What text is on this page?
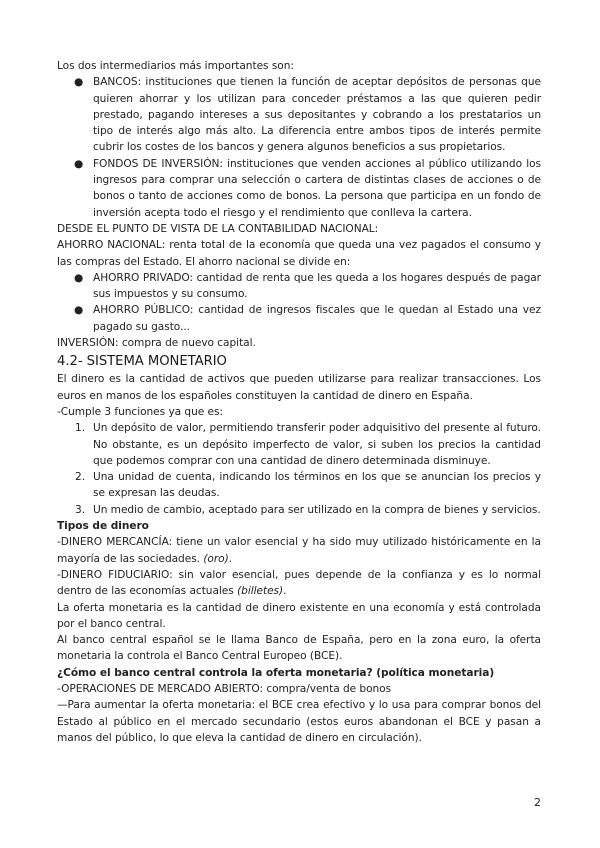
Los dos intermediarios más importantes son:

● BANCOS: instituciones que tienen la función de aceptar depósitos de personas que quieren ahorrar y los utilizan para conceder préstamos a las que quieren pedir prestado, pagando intereses a sus depositantes y cobrando a los prestatarios un tipo de interés algo más alto. La diferencia entre ambos tipos de interés permite cubrir los costes de los bancos y genera algunos beneficios a sus propietarios.
● FONDOS DE INVERSIÓN: instituciones que venden acciones al público utilizando los ingresos para comprar una selección o cartera de distintas clases de acciones o de bonos o tanto de acciones como de bonos. La persona que participa en un fondo de inversión acepta todo el riesgo y el rendimiento que conlleva la cartera.

DESDE EL PUNTO DE VISTA DE LA CONTABILIDAD NACIONAL:

AHORRO NACIONAL: renta total de la economía que queda una vez pagados el consumo y las compras del Estado. El ahorro nacional se divide en:

● AHORRO PRIVADO: cantidad de renta que les queda a los hogares después de pagar sus impuestos y su consumo.
● AHORRO PÚBLICO: cantidad de ingresos fiscales que le quedan al Estado una vez pagado su gasto...

INVERSIÓN: compra de nuevo capital.

4.2- SISTEMA MONETARIO

El dinero es la cantidad de activos que pueden utilizarse para realizar transacciones. Los euros en manos de los españoles constituyen la cantidad de dinero en España.

-Cumple 3 funciones ya que es:

1. Un depósito de valor, permitiendo transferir poder adquisitivo del presente al futuro. No obstante, es un depósito imperfecto de valor, si suben los precios la cantidad que podemos comprar con una cantidad de dinero determinada disminuye.
2. Una unidad de cuenta, indicando los términos en los que se anuncian los precios y se expresan las deudas.
3. Un medio de cambio, aceptado para ser utilizado en la compra de bienes y servicios.

Tipos de dinero

-DINERO MERCANCÍA: tiene un valor esencial y ha sido muy utilizado históricamente en la mayoría de las sociedades. (oro).

-DINERO FIDUCIARIO: sin valor esencial, pues depende de la confianza y es lo normal dentro de las economías actuales (billetes).

La oferta monetaria es la cantidad de dinero existente en una economía y está controlada por el banco central.

Al banco central español se le llama Banco de España, pero en la zona euro, la oferta monetaria la controla el Banco Central Europeo (BCE).

¿Cómo el banco central controla la oferta monetaria? (política monetaria)

-OPERACIONES DE MERCADO ABIERTO: compra/venta de bonos

—Para aumentar la oferta monetaria: el BCE crea efectivo y lo usa para comprar bonos del Estado al público en el mercado secundario (estos euros abandonan el BCE y pasan a manos del público, lo que eleva la cantidad de dinero en circulación).

2
